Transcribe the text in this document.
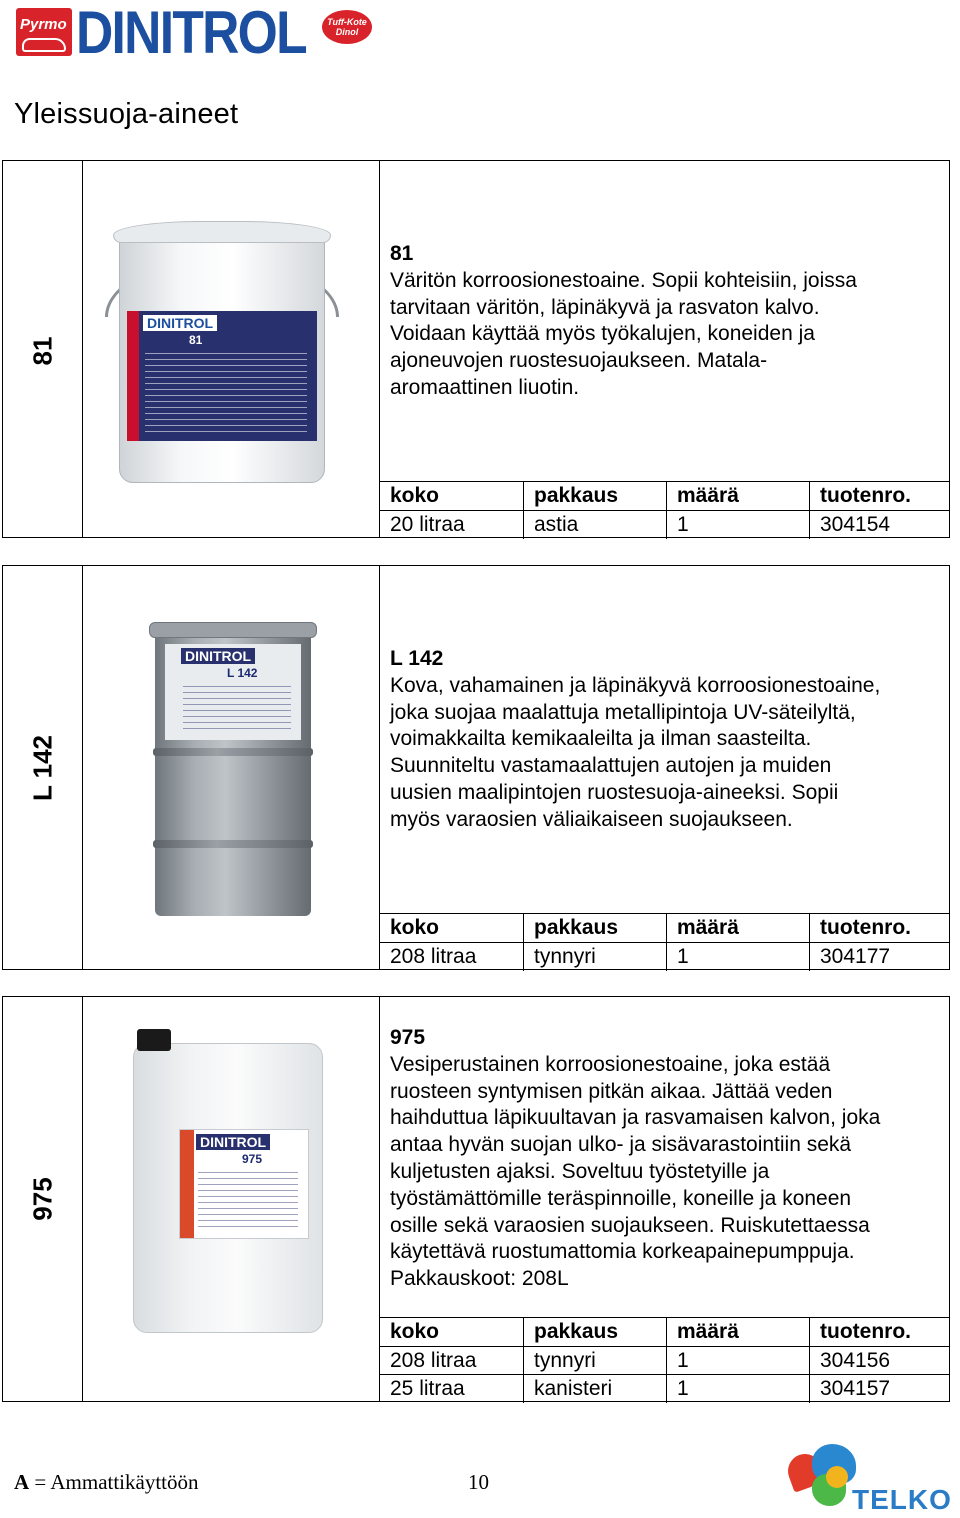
Pyrmo DINITROL	Tuff-Kote Dinol
Yleissuoja-aineet
81
DINITROL
81
81
Väritön korroosionestoaine. Sopii kohteisiin, joissa
tarvitaan väritön, läpinäkyvä ja rasvaton kalvo.
Voidaan käyttää myös työkalujen, koneiden ja
ajoneuvojen ruostesuojaukseen. Matala-
aromaattinen liuotin.
koko	pakkaus	määrä	tuotenro.
20 litraa	astia	1	304154
L 142
DINITROL
L 142
L 142
Kova, vahamainen ja läpinäkyvä korroosionestoaine,
joka suojaa maalattuja metallipintoja UV-säteilyltä,
voimakkailta kemikaaleilta ja ilman saasteilta.
Suunniteltu vastamaalattujen autojen ja muiden
uusien maalipintojen ruostesuoja-aineeksi. Sopii
myös varaosien väliaikaiseen suojaukseen.
koko	pakkaus	määrä	tuotenro.
208 litraa	tynnyri	1	304177
975
DINITROL
975
975
Vesiperustainen korroosionestoaine, joka estää
ruosteen syntymisen pitkän aikaa. Jättää veden
haihduttua läpikuultavan ja rasvamaisen kalvon, joka
antaa hyvän suojan ulko- ja sisävarastointiin sekä
kuljetusten ajaksi. Soveltuu työstetyille ja
työstämättömille teräspinnoille, koneille ja koneen
osille sekä varaosien suojaukseen. Ruiskutettaessa
käytettävä ruostumattomia korkeapainepumppuja.
Pakkauskoot: 208L
koko	pakkaus	määrä	tuotenro.
208 litraa	tynnyri	1	304156
25 litraa	kanisteri	1	304157
A = Ammattikäyttöön	10
TELKO
